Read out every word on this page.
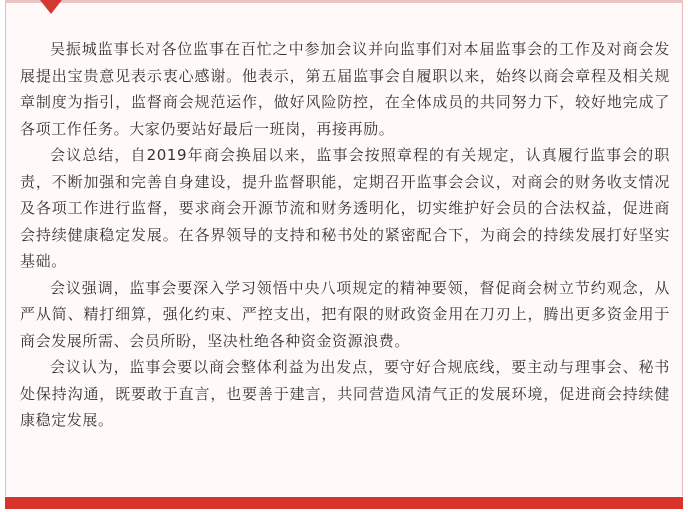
吴振城监事长对各位监事在百忙之中参加会议并向监事们对本届监事会的工作及对商会发展提出宝贵意见表示衷心感谢。他表示，第五届监事会自履职以来，始终以商会章程及相关规章制度为指引，监督商会规范运作，做好风险防控，在全体成员的共同努力下，较好地完成了各项工作任务。大家仍要站好最后一班岗，再接再励。

会议总结，自2019年商会换届以来，监事会按照章程的有关规定，认真履行监事会的职责，不断加强和完善自身建设，提升监督职能，定期召开监事会会议，对商会的财务收支情况及各项工作进行监督，要求商会开源节流和财务透明化，切实维护好会员的合法权益，促进商会持续健康稳定发展。在各界领导的支持和秘书处的紧密配合下，为商会的持续发展打好坚实基础。

会议强调，监事会要深入学习领悟中央八项规定的精神要领，督促商会树立节约观念，从严从简、精打细算，强化约束、严控支出，把有限的财政资金用在刀刃上，腾出更多资金用于商会发展所需、会员所盼，坚决杜绝各种资金资源浪费。

会议认为，监事会要以商会整体利益为出发点，要守好合规底线，要主动与理事会、秘书处保持沟通，既要敢于直言，也要善于建言，共同营造风清气正的发展环境，促进商会持续健康稳定发展。
